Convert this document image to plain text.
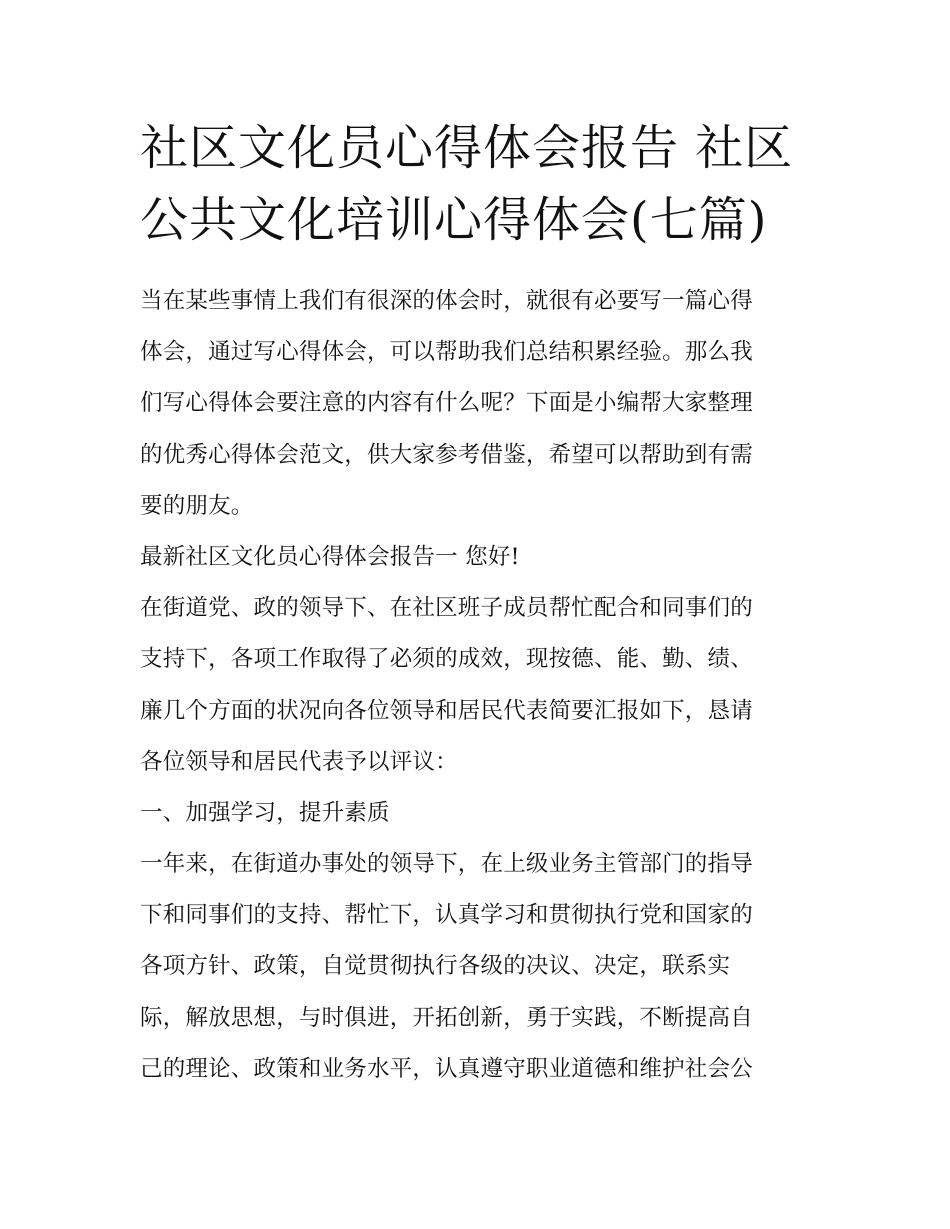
社区文化员心得体会报告 社区
公共文化培训心得体会(七篇)
当在某些事情上我们有很深的体会时，就很有必要写一篇心得
体会，通过写心得体会，可以帮助我们总结积累经验。那么我
们写心得体会要注意的内容有什么呢？下面是小编帮大家整理
的优秀心得体会范文，供大家参考借鉴，希望可以帮助到有需
要的朋友。
最新社区文化员心得体会报告一 您好!
在街道党、政的领导下、在社区班子成员帮忙配合和同事们的
支持下，各项工作取得了必须的成效，现按德、能、勤、绩、
廉几个方面的状况向各位领导和居民代表简要汇报如下，恳请
各位领导和居民代表予以评议：
一、加强学习，提升素质
一年来，在街道办事处的领导下，在上级业务主管部门的指导
下和同事们的支持、帮忙下，认真学习和贯彻执行党和国家的
各项方针、政策，自觉贯彻执行各级的决议、决定，联系实
际，解放思想，与时俱进，开拓创新，勇于实践，不断提高自
己的理论、政策和业务水平，认真遵守职业道德和维护社会公
